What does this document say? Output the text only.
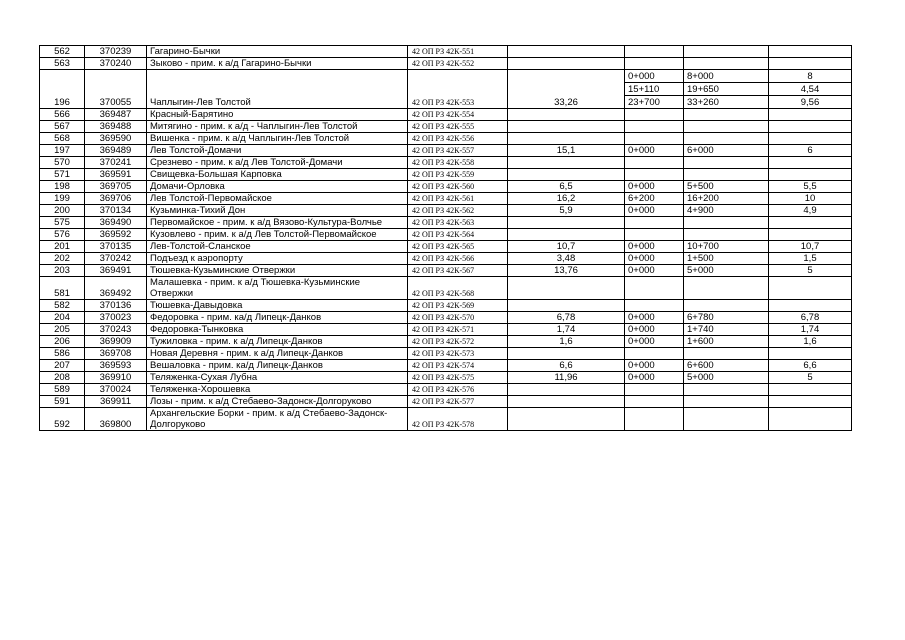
562	370239	Гагарино-Бычки	42 ОП РЗ 42К-551				
563	370240	Зыково - прим. к а/д Гагарино-Бычки	42 ОП РЗ 42К-552				
196	370055	Чаплыгин-Лев Толстой	42 ОП РЗ 42К-553	33,26	0+000	8+000	8
					15+110	19+650	4,54
					23+700	33+260	9,56
566	369487	Красный-Барятино	42 ОП РЗ 42К-554				
567	369488	Митягино - прим. к а/д - Чаплыгин-Лев Толстой	42 ОП РЗ 42К-555				
568	369590	Вишенка - прим. к а/д Чаплыгин-Лев Толстой	42 ОП РЗ 42К-556				
197	369489	Лев Толстой-Домачи	42 ОП РЗ 42К-557	15,1	0+000	6+000	6
570	370241	Срезнево - прим. к а/д Лев Толстой-Домачи	42 ОП РЗ 42К-558				
571	369591	Свищевка-Большая Карповка	42 ОП РЗ 42К-559				
198	369705	Домачи-Орловка	42 ОП РЗ 42К-560	6,5	0+000	5+500	5,5
199	369706	Лев Толстой-Первомайское	42 ОП РЗ 42К-561	16,2	6+200	16+200	10
200	370134	Кузьминка-Тихий Дон	42 ОП РЗ 42К-562	5,9	0+000	4+900	4,9
575	369490	Первомайское - прим. к а/д Вязово-Культура-Волчье	42 ОП РЗ 42К-563				
576	369592	Кузовлево - прим. к а/д Лев Толстой-Первомайское	42 ОП РЗ 42К-564				
201	370135	Лев-Толстой-Сланское	42 ОП РЗ 42К-565	10,7	0+000	10+700	10,7
202	370242	Подъезд к аэропорту	42 ОП РЗ 42К-566	3,48	0+000	1+500	1,5
203	369491	Тюшевка-Кузьминские Отвержки	42 ОП РЗ 42К-567	13,76	0+000	5+000	5
581	369492	Малашевка - прим. к а/д Тюшевка-Кузьминские Отвержки	42 ОП РЗ 42К-568				
582	370136	Тюшевка-Давыдовка	42 ОП РЗ 42К-569				
204	370023	Федоровка - прим. ка/д Липецк-Данков	42 ОП РЗ 42К-570	6,78	0+000	6+780	6,78
205	370243	Федоровка-Тынковка	42 ОП РЗ 42К-571	1,74	0+000	1+740	1,74
206	369909	Тужиловка - прим. к а/д Липецк-Данков	42 ОП РЗ 42К-572	1,6	0+000	1+600	1,6
586	369708	Новая Деревня - прим. к а/д Липецк-Данков	42 ОП РЗ 42К-573				
207	369593	Вешаловка - прим. ка/д Липецк-Данков	42 ОП РЗ 42К-574	6,6	0+000	6+600	6,6
208	369910	Теляженка-Сухая Лубна	42 ОП РЗ 42К-575	11,96	0+000	5+000	5
589	370024	Теляженка-Хорошевка	42 ОП РЗ 42К-576				
591	369911	Лозы - прим. к а/д Стебаево-Задонск-Долгоруково	42 ОП РЗ 42К-577				
592	369800	Архангельские Борки - прим. к а/д Стебаево-Задонск-Долгоруково	42 ОП РЗ 42К-578				
